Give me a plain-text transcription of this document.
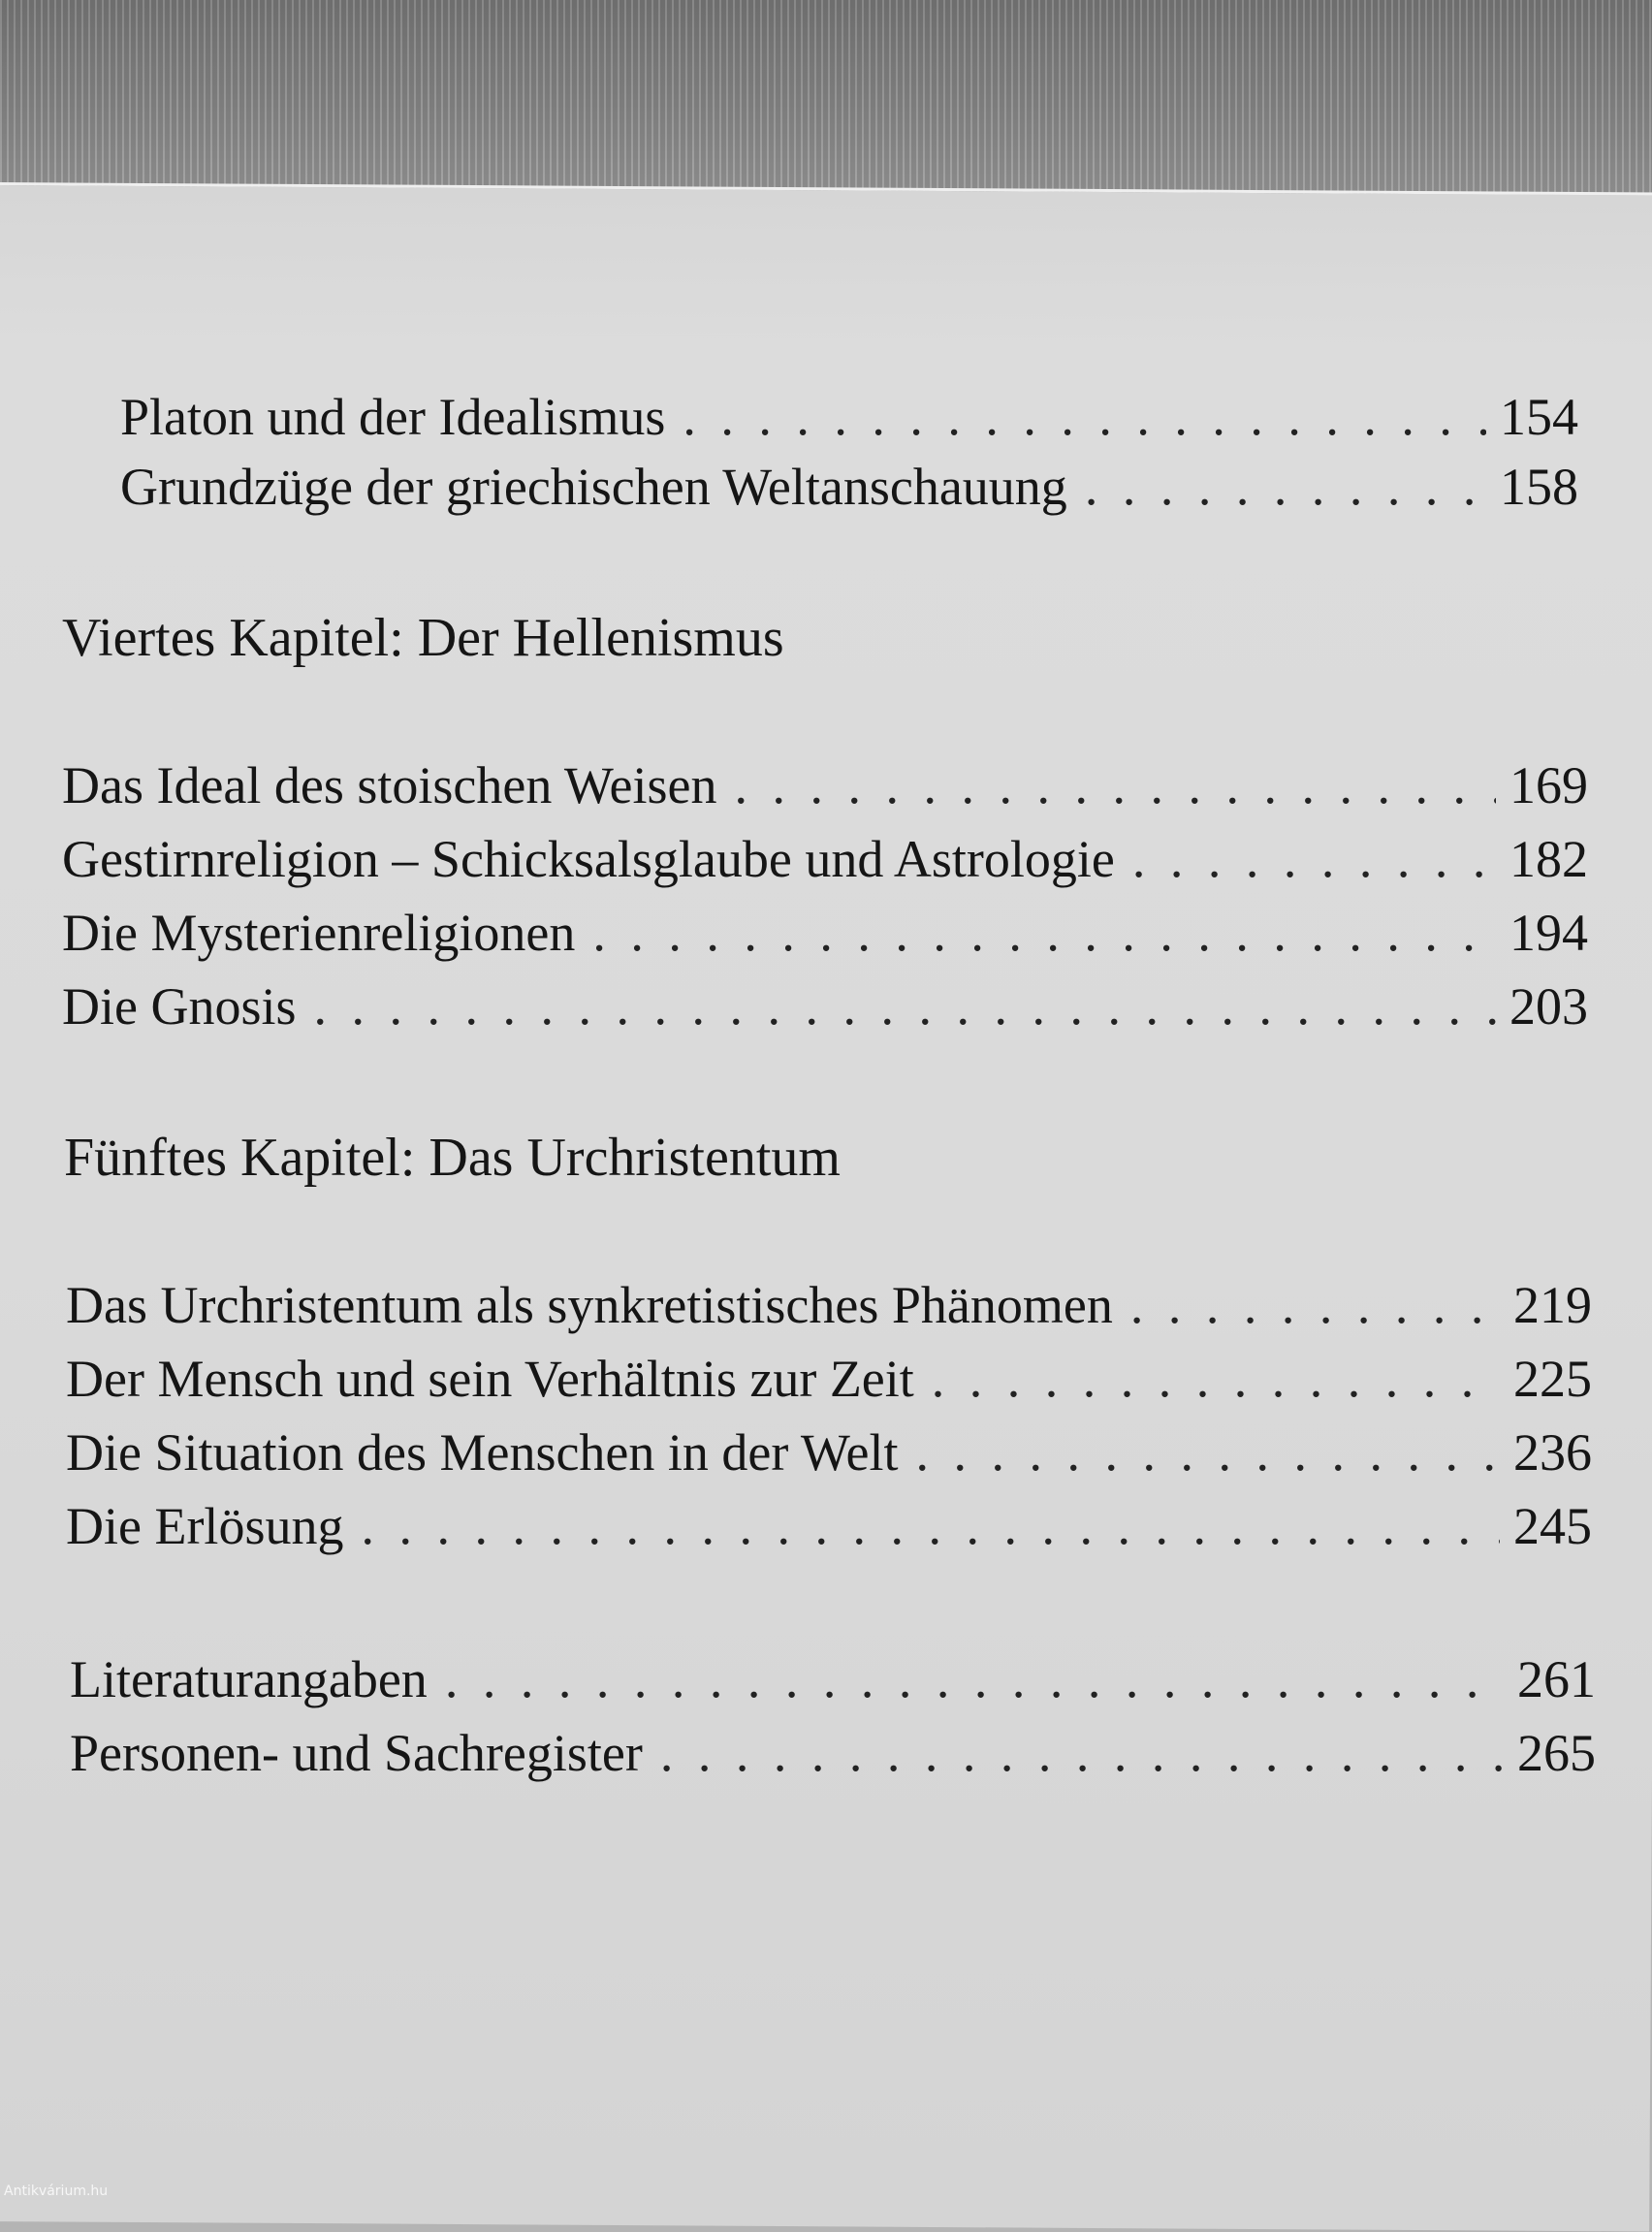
Platon und der Idealismus . . .	154
Grundzüge der griechischen Weltanschauung . . .	158
Viertes Kapitel: Der Hellenismus
Das Ideal des stoischen Weisen . . .	169
Gestirnreligion – Schicksalsglaube und Astrologie . . .	182
Die Mysterienreligionen . . .	194
Die Gnosis . . .	203
Fünftes Kapitel: Das Urchristentum
Das Urchristentum als synkretistisches Phänomen . . .	219
Der Mensch und sein Verhältnis zur Zeit . . .	225
Die Situation des Menschen in der Welt . . .	236
Die Erlösung . . .	245
Literaturangaben . . .	261
Personen- und Sachregister . . .	265
Antikvárium.hu
